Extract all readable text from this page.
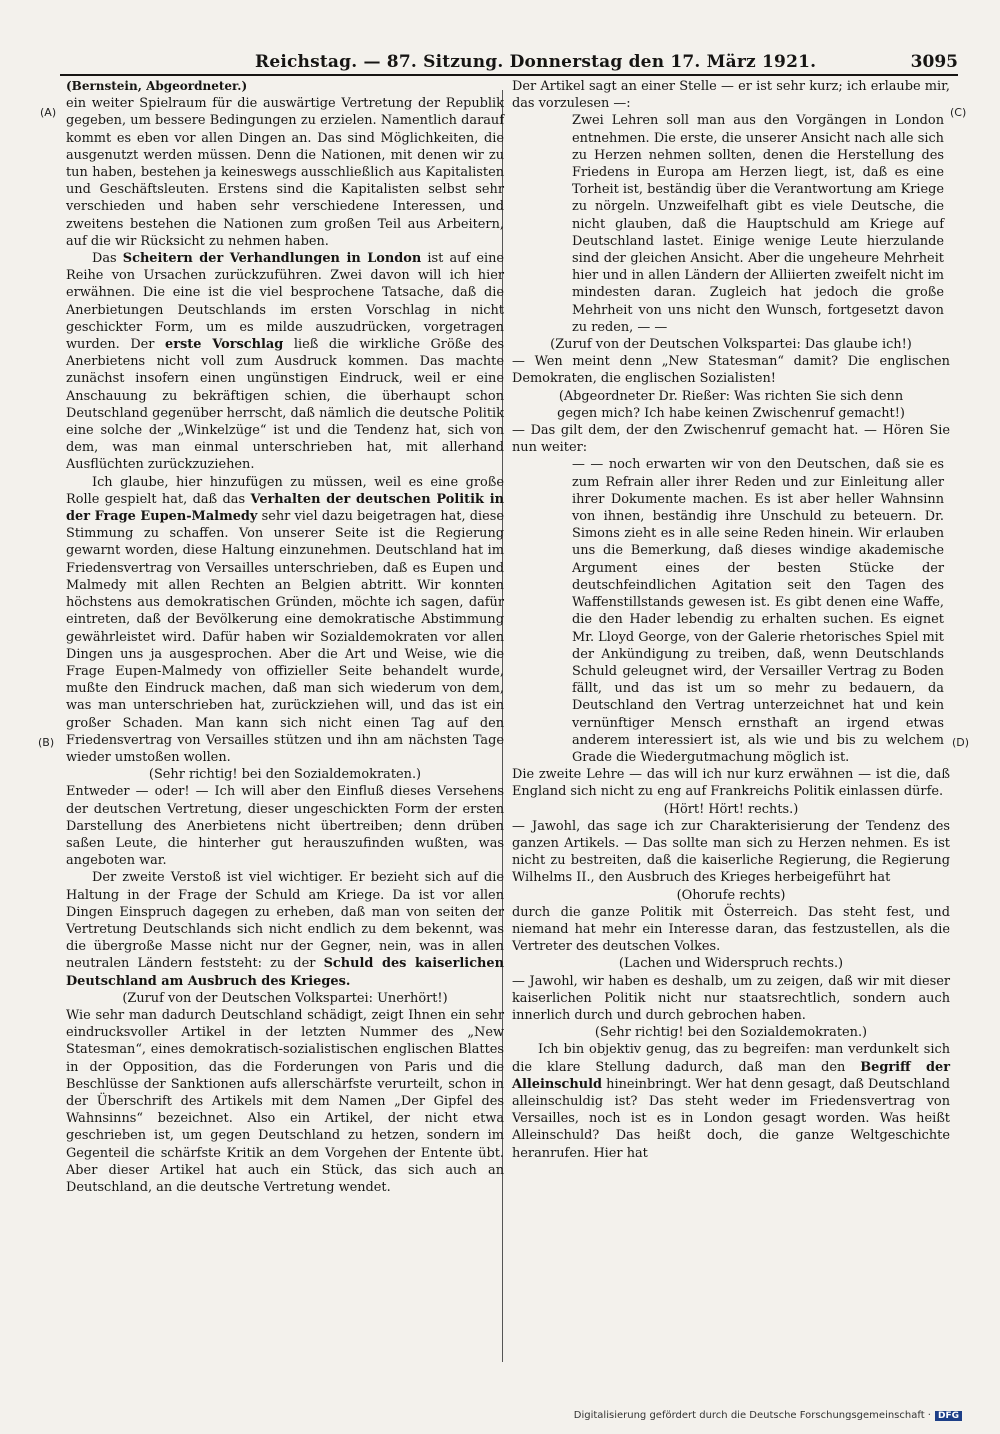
Reichstag. — 87. Sitzung. Donnerstag den 17. März 1921.	3095
(A)
(B)
(C)
(D)

(Bernstein, Abgeordneter.)

ein weiter Spielraum für die auswärtige Vertretung der Republik gegeben, um bessere Bedingungen zu erzielen. Namentlich darauf kommt es eben vor allen Dingen an. Das sind Möglichkeiten, die ausgenutzt werden müssen. Denn die Nationen, mit denen wir zu tun haben, bestehen ja keineswegs ausschließlich aus Kapitalisten und Geschäftsleuten. Erstens sind die Kapitalisten selbst sehr verschieden und haben sehr verschiedene Interessen, und zweitens bestehen die Nationen zum großen Teil aus Arbeitern, auf die wir Rücksicht zu nehmen haben.

Das Scheitern der Verhandlungen in London ist auf eine Reihe von Ursachen zurückzuführen. Zwei davon will ich hier erwähnen. Die eine ist die viel besprochene Tatsache, daß die Anerbietungen Deutschlands im ersten Vorschlag in nicht geschickter Form, um es milde auszudrücken, vorgetragen wurden. Der erste Vorschlag ließ die wirkliche Größe des Anerbietens nicht voll zum Ausdruck kommen. Das machte zunächst insofern einen ungünstigen Eindruck, weil er eine Anschauung zu bekräftigen schien, die überhaupt schon Deutschland gegenüber herrscht, daß nämlich die deutsche Politik eine solche der „Winkelzüge“ ist und die Tendenz hat, sich von dem, was man einmal unterschrieben hat, mit allerhand Ausflüchten zurückzuziehen.

Ich glaube, hier hinzufügen zu müssen, weil es eine große Rolle gespielt hat, daß das Verhalten der deutschen Politik in der Frage Eupen-Malmedy sehr viel dazu beigetragen hat, diese Stimmung zu schaffen. Von unserer Seite ist die Regierung gewarnt worden, diese Haltung einzunehmen. Deutschland hat im Friedensvertrag von Versailles unterschrieben, daß es Eupen und Malmedy mit allen Rechten an Belgien abtritt. Wir konnten höchstens aus demokratischen Gründen, möchte ich sagen, dafür eintreten, daß der Bevölkerung eine demokratische Abstimmung gewährleistet wird. Dafür haben wir Sozialdemokraten vor allen Dingen uns ja ausgesprochen. Aber die Art und Weise, wie die Frage Eupen-Malmedy von offizieller Seite behandelt wurde, mußte den Eindruck machen, daß man sich wiederum von dem, was man unterschrieben hat, zurückziehen will, und das ist ein großer Schaden. Man kann sich nicht einen Tag auf den Friedensvertrag von Versailles stützen und ihn am nächsten Tage wieder umstoßen wollen.

(Sehr richtig! bei den Sozialdemokraten.)

Entweder — oder! — Ich will aber den Einfluß dieses Versehens der deutschen Vertretung, dieser ungeschickten Form der ersten Darstellung des Anerbietens nicht übertreiben; denn drüben saßen Leute, die hinterher gut herauszufinden wußten, was angeboten war.

Der zweite Verstoß ist viel wichtiger. Er bezieht sich auf die Haltung in der Frage der Schuld am Kriege. Da ist vor allen Dingen Einspruch dagegen zu erheben, daß man von seiten der Vertretung Deutschlands sich nicht endlich zu dem bekennt, was die übergroße Masse nicht nur der Gegner, nein, was in allen neutralen Ländern feststeht: zu der Schuld des kaiserlichen Deutschland am Ausbruch des Krieges.

(Zuruf von der Deutschen Volkspartei: Unerhört!)

Wie sehr man dadurch Deutschland schädigt, zeigt Ihnen ein sehr eindrucksvoller Artikel in der letzten Nummer des „New Statesman“, eines demokratisch-sozialistischen englischen Blattes in der Opposition, das die Forderungen von Paris und die Beschlüsse der Sanktionen aufs allerschärfste verurteilt, schon in der Überschrift des Artikels mit dem Namen „Der Gipfel des Wahnsinns“ bezeichnet. Also ein Artikel, der nicht etwa geschrieben ist, um gegen Deutschland zu hetzen, sondern im Gegenteil die schärfste Kritik an dem Vorgehen der Entente übt. Aber dieser Artikel hat auch ein Stück, das sich auch an Deutschland, an die deutsche Vertretung wendet.

Der Artikel sagt an einer Stelle — er ist sehr kurz; ich erlaube mir, das vorzulesen —:

Zwei Lehren soll man aus den Vorgängen in London entnehmen. Die erste, die unserer Ansicht nach alle sich zu Herzen nehmen sollten, denen die Herstellung des Friedens in Europa am Herzen liegt, ist, daß es eine Torheit ist, beständig über die Verantwortung am Kriege zu nörgeln. Unzweifelhaft gibt es viele Deutsche, die nicht glauben, daß die Hauptschuld am Kriege auf Deutschland lastet. Einige wenige Leute hierzulande sind der gleichen Ansicht. Aber die ungeheure Mehrheit hier und in allen Ländern der Alliierten zweifelt nicht im mindesten daran. Zugleich hat jedoch die große Mehrheit von uns nicht den Wunsch, fortgesetzt davon zu reden, — —

(Zuruf von der Deutschen Volkspartei: Das glaube ich!)

— Wen meint denn „New Statesman“ damit? Die englischen Demokraten, die englischen Sozialisten!

(Abgeordneter Dr. Rießer: Was richten Sie sich denn gegen mich? Ich habe keinen Zwischenruf gemacht!)

— Das gilt dem, der den Zwischenruf gemacht hat. — Hören Sie nun weiter:

— — noch erwarten wir von den Deutschen, daß sie es zum Refrain aller ihrer Reden und zur Einleitung aller ihrer Dokumente machen. Es ist aber heller Wahnsinn von ihnen, beständig ihre Unschuld zu beteuern. Dr. Simons zieht es in alle seine Reden hinein. Wir erlauben uns die Bemerkung, daß dieses windige akademische Argument eines der besten Stücke der deutschfeindlichen Agitation seit den Tagen des Waffenstillstands gewesen ist. Es gibt denen eine Waffe, die den Hader lebendig zu erhalten suchen. Es eignet Mr. Lloyd George, von der Galerie rhetorisches Spiel mit der Ankündigung zu treiben, daß, wenn Deutschlands Schuld geleugnet wird, der Versailler Vertrag zu Boden fällt, und das ist um so mehr zu bedauern, da Deutschland den Vertrag unterzeichnet hat und kein vernünftiger Mensch ernsthaft an irgend etwas anderem interessiert ist, als wie und bis zu welchem Grade die Wiedergutmachung möglich ist.

Die zweite Lehre — das will ich nur kurz erwähnen — ist die, daß England sich nicht zu eng auf Frankreichs Politik einlassen dürfe.

(Hört! Hört! rechts.)

— Jawohl, das sage ich zur Charakterisierung der Tendenz des ganzen Artikels. — Das sollte man sich zu Herzen nehmen. Es ist nicht zu bestreiten, daß die kaiserliche Regierung, die Regierung Wilhelms II., den Ausbruch des Krieges herbeigeführt hat

(Ohorufe rechts)

durch die ganze Politik mit Österreich. Das steht fest, und niemand hat mehr ein Interesse daran, das festzustellen, als die Vertreter des deutschen Volkes.

(Lachen und Widerspruch rechts.)

— Jawohl, wir haben es deshalb, um zu zeigen, daß wir mit dieser kaiserlichen Politik nicht nur staatsrechtlich, sondern auch innerlich durch und durch gebrochen haben.

(Sehr richtig! bei den Sozialdemokraten.)

Ich bin objektiv genug, das zu begreifen: man verdunkelt sich die klare Stellung dadurch, daß man den Begriff der Alleinschuld hineinbringt. Wer hat denn gesagt, daß Deutschland alleinschuldig ist? Das steht weder im Friedensvertrag von Versailles, noch ist es in London gesagt worden. Was heißt Alleinschuld? Das heißt doch, die ganze Weltgeschichte heranrufen. Hier hat

Digitalisierung gefördert durch die Deutsche Forschungsgemeinschaft · DFG
